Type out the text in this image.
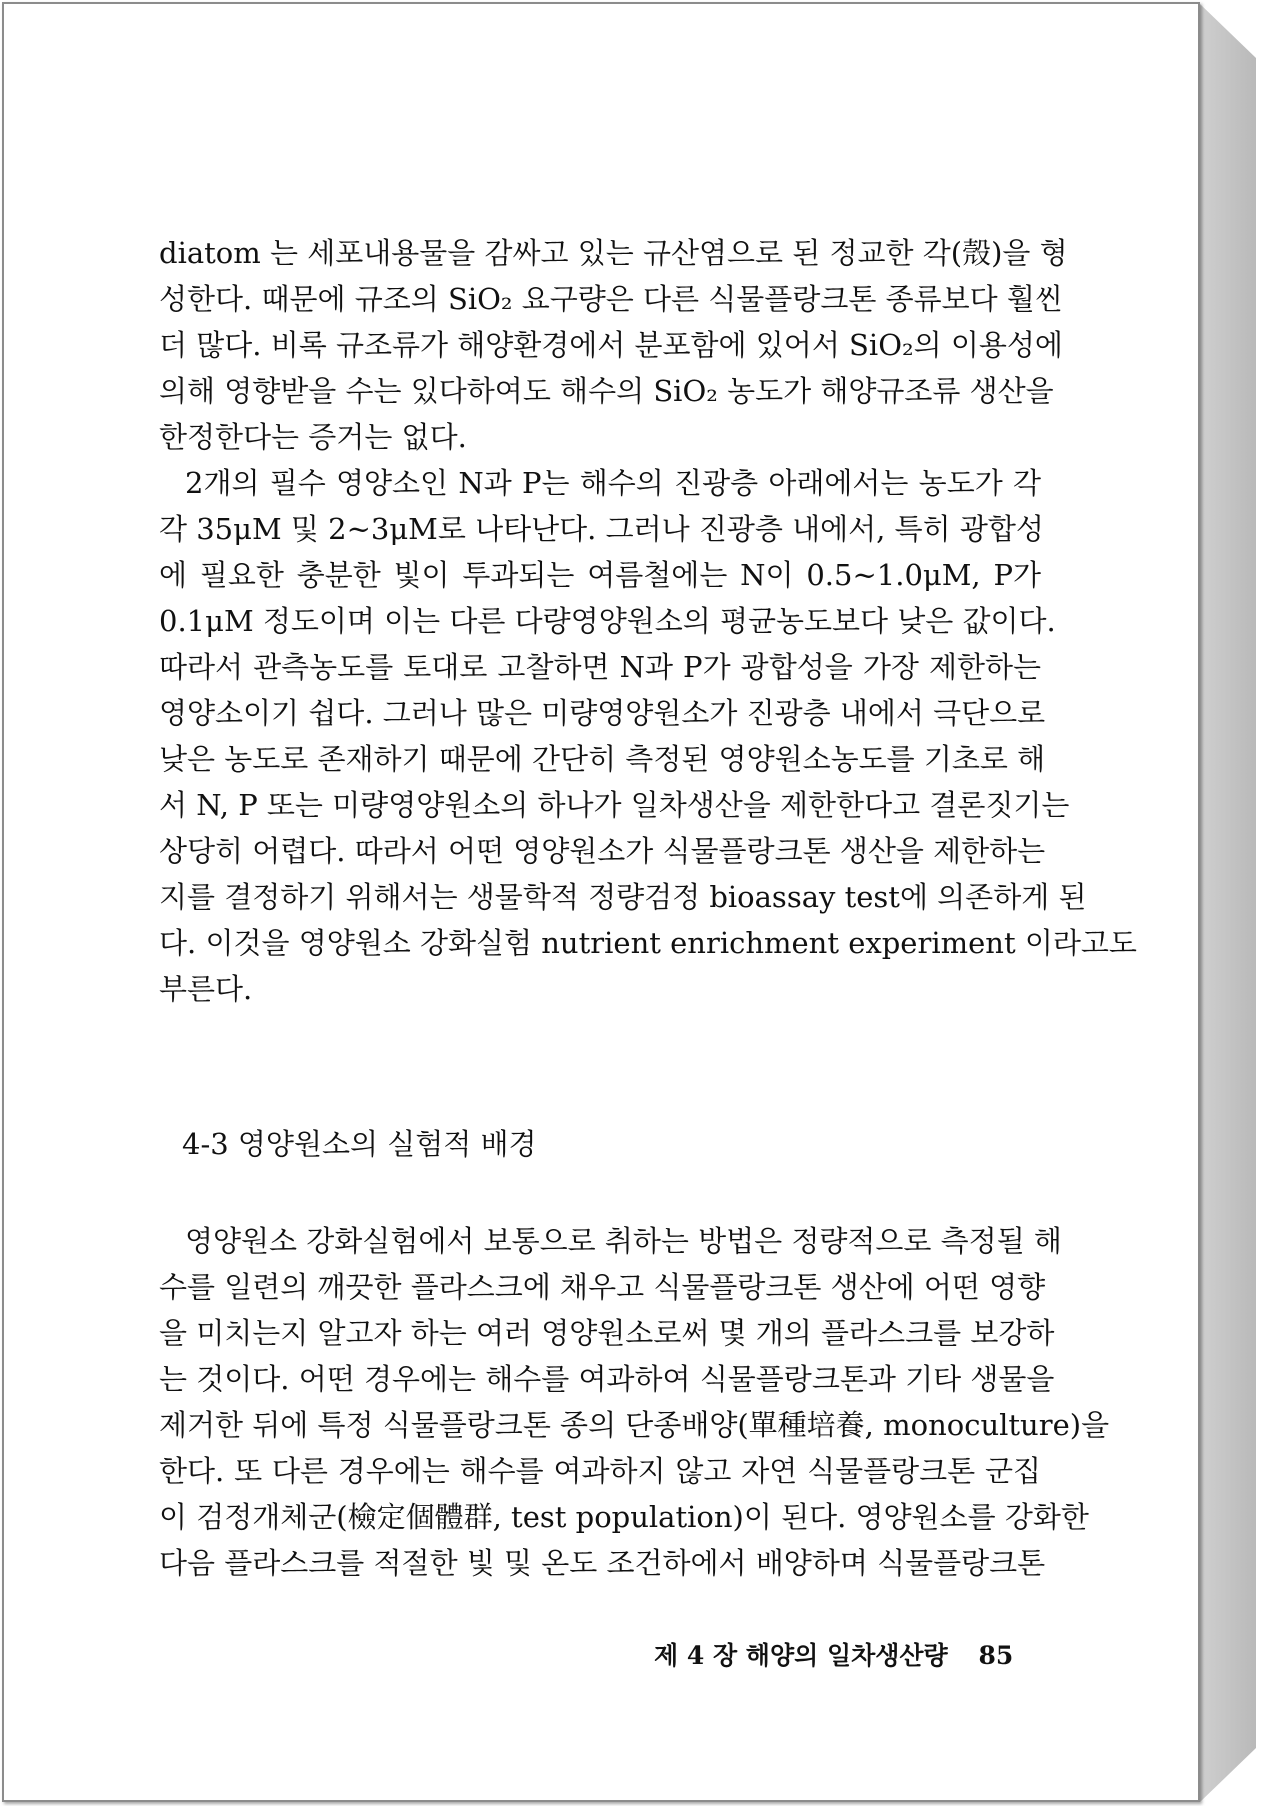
diatom 는 세포내용물을 감싸고 있는 규산염으로 된 정교한 각(殼)을 형
성한다. 때문에 규조의 SiO₂ 요구량은 다른 식물플랑크톤 종류보다 훨씬
더 많다. 비록 규조류가 해양환경에서 분포함에 있어서 SiO₂의 이용성에
의해 영향받을 수는 있다하여도 해수의 SiO₂ 농도가 해양규조류 생산을
한정한다는 증거는 없다.
2개의 필수 영양소인 N과 P는 해수의 진광층 아래에서는 농도가 각
각 35μM 및 2~3μM로 나타난다. 그러나 진광층 내에서, 특히 광합성
에 필요한 충분한 빛이 투과되는 여름철에는 N이 0.5~1.0μM, P가
0.1μM 정도이며 이는 다른 다량영양원소의 평균농도보다 낮은 값이다.
따라서 관측농도를 토대로 고찰하면 N과 P가 광합성을 가장 제한하는
영양소이기 쉽다. 그러나 많은 미량영양원소가 진광층 내에서 극단으로
낮은 농도로 존재하기 때문에 간단히 측정된 영양원소농도를 기초로 해
서 N, P 또는 미량영양원소의 하나가 일차생산을 제한한다고 결론짓기는
상당히 어렵다. 따라서 어떤 영양원소가 식물플랑크톤 생산을 제한하는
지를 결정하기 위해서는 생물학적 정량검정 bioassay test에 의존하게 된
다. 이것을 영양원소 강화실험 nutrient enrichment experiment 이라고도
부른다.
4-3 영양원소의 실험적 배경
영양원소 강화실험에서 보통으로 취하는 방법은 정량적으로 측정될 해
수를 일련의 깨끗한 플라스크에 채우고 식물플랑크톤 생산에 어떤 영향
을 미치는지 알고자 하는 여러 영양원소로써 몇 개의 플라스크를 보강하
는 것이다. 어떤 경우에는 해수를 여과하여 식물플랑크톤과 기타 생물을
제거한 뒤에 특정 식물플랑크톤 종의 단종배양(單種培養, monoculture)을
한다. 또 다른 경우에는 해수를 여과하지 않고 자연 식물플랑크톤 군집
이 검정개체군(檢定個體群, test population)이 된다. 영양원소를 강화한
다음 플라스크를 적절한 빛 및 온도 조건하에서 배양하며 식물플랑크톤
제 4 장 해양의 일차생산량 85
